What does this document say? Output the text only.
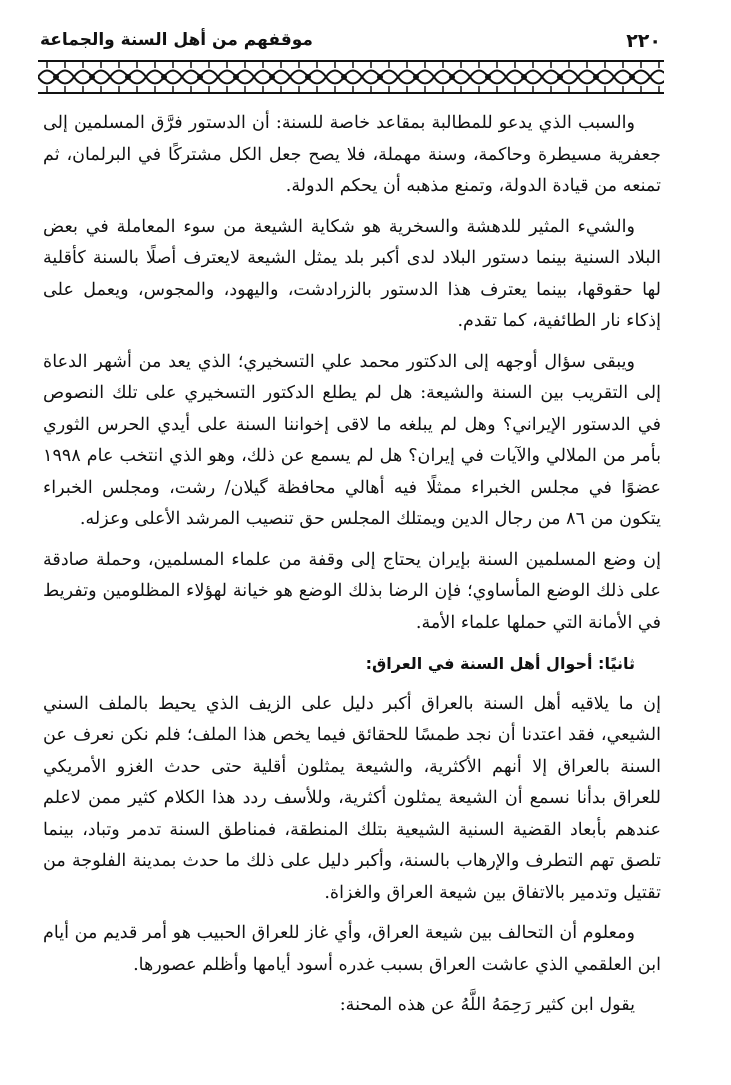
٢٢٠
موقفهم من أهل السنة والجماعة

والسبب الذي يدعو للمطالبة بمقاعد خاصة للسنة: أن الدستور فرَّق المسلمين إلى جعفرية مسيطرة وحاكمة، وسنة مهملة، فلا يصح جعل الكل مشتركًا في البرلمان، ثم تمنعه من قيادة الدولة، وتمنع مذهبه أن يحكم الدولة.

والشيء المثير للدهشة والسخرية هو شكاية الشيعة من سوء المعاملة في بعض البلاد السنية بينما دستور البلاد لدى أكبر بلد يمثل الشيعة لايعترف أصلًا بالسنة كأقلية لها حقوقها، بينما يعترف هذا الدستور بالزرادشت، واليهود، والمجوس، ويعمل على إذكاء نار الطائفية، كما تقدم.

ويبقى سؤال أوجهه إلى الدكتور محمد علي التسخيري؛ الذي يعد من أشهر الدعاة إلى التقريب بين السنة والشيعة: هل لم يطلع الدكتور التسخيري على تلك النصوص في الدستور الإيراني؟ وهل لم يبلغه ما لاقى إخواننا السنة على أيدي الحرس الثوري بأمر من الملالي والآيات في إيران؟ هل لم يسمع عن ذلك، وهو الذي انتخب عام ١٩٩٨ عضوًا في مجلس الخبراء ممثلًا فيه أهالي محافظة گيلان/ رشت، ومجلس الخبراء يتكون من ٨٦ من رجال الدين ويمتلك المجلس حق تنصيب المرشد الأعلى وعزله.

إن وضع المسلمين السنة بإيران يحتاج إلى وقفة من علماء المسلمين، وحملة صادقة على ذلك الوضع المأساوي؛ فإن الرضا بذلك الوضع هو خيانة لهؤلاء المظلومين وتفريط في الأمانة التي حملها علماء الأمة.

ثانيًا: أحوال أهل السنة في العراق:

إن ما يلاقيه أهل السنة بالعراق أكبر دليل على الزيف الذي يحيط بالملف السني الشيعي، فقد اعتدنا أن نجد طمسًا للحقائق فيما يخص هذا الملف؛ فلم نكن نعرف عن السنة بالعراق إلا أنهم الأكثرية، والشيعة يمثلون أقلية حتى حدث الغزو الأمريكي للعراق بدأنا نسمع أن الشيعة يمثلون أكثرية، وللأسف ردد هذا الكلام كثير ممن لاعلم عندهم بأبعاد القضية السنية الشيعية بتلك المنطقة، فمناطق السنة تدمر وتباد، بينما تلصق تهم التطرف والإرهاب بالسنة، وأكبر دليل على ذلك ما حدث بمدينة الفلوجة من تقتيل وتدمير بالاتفاق بين شيعة العراق والغزاة.

ومعلوم أن التحالف بين شيعة العراق، وأي غاز للعراق الحبيب هو أمر قديم من أيام ابن العلقمي الذي عاشت العراق بسبب غدره أسود أيامها وأظلم عصورها.

يقول ابن كثير رَحِمَهُ اللَّهُ عن هذه المحنة:
